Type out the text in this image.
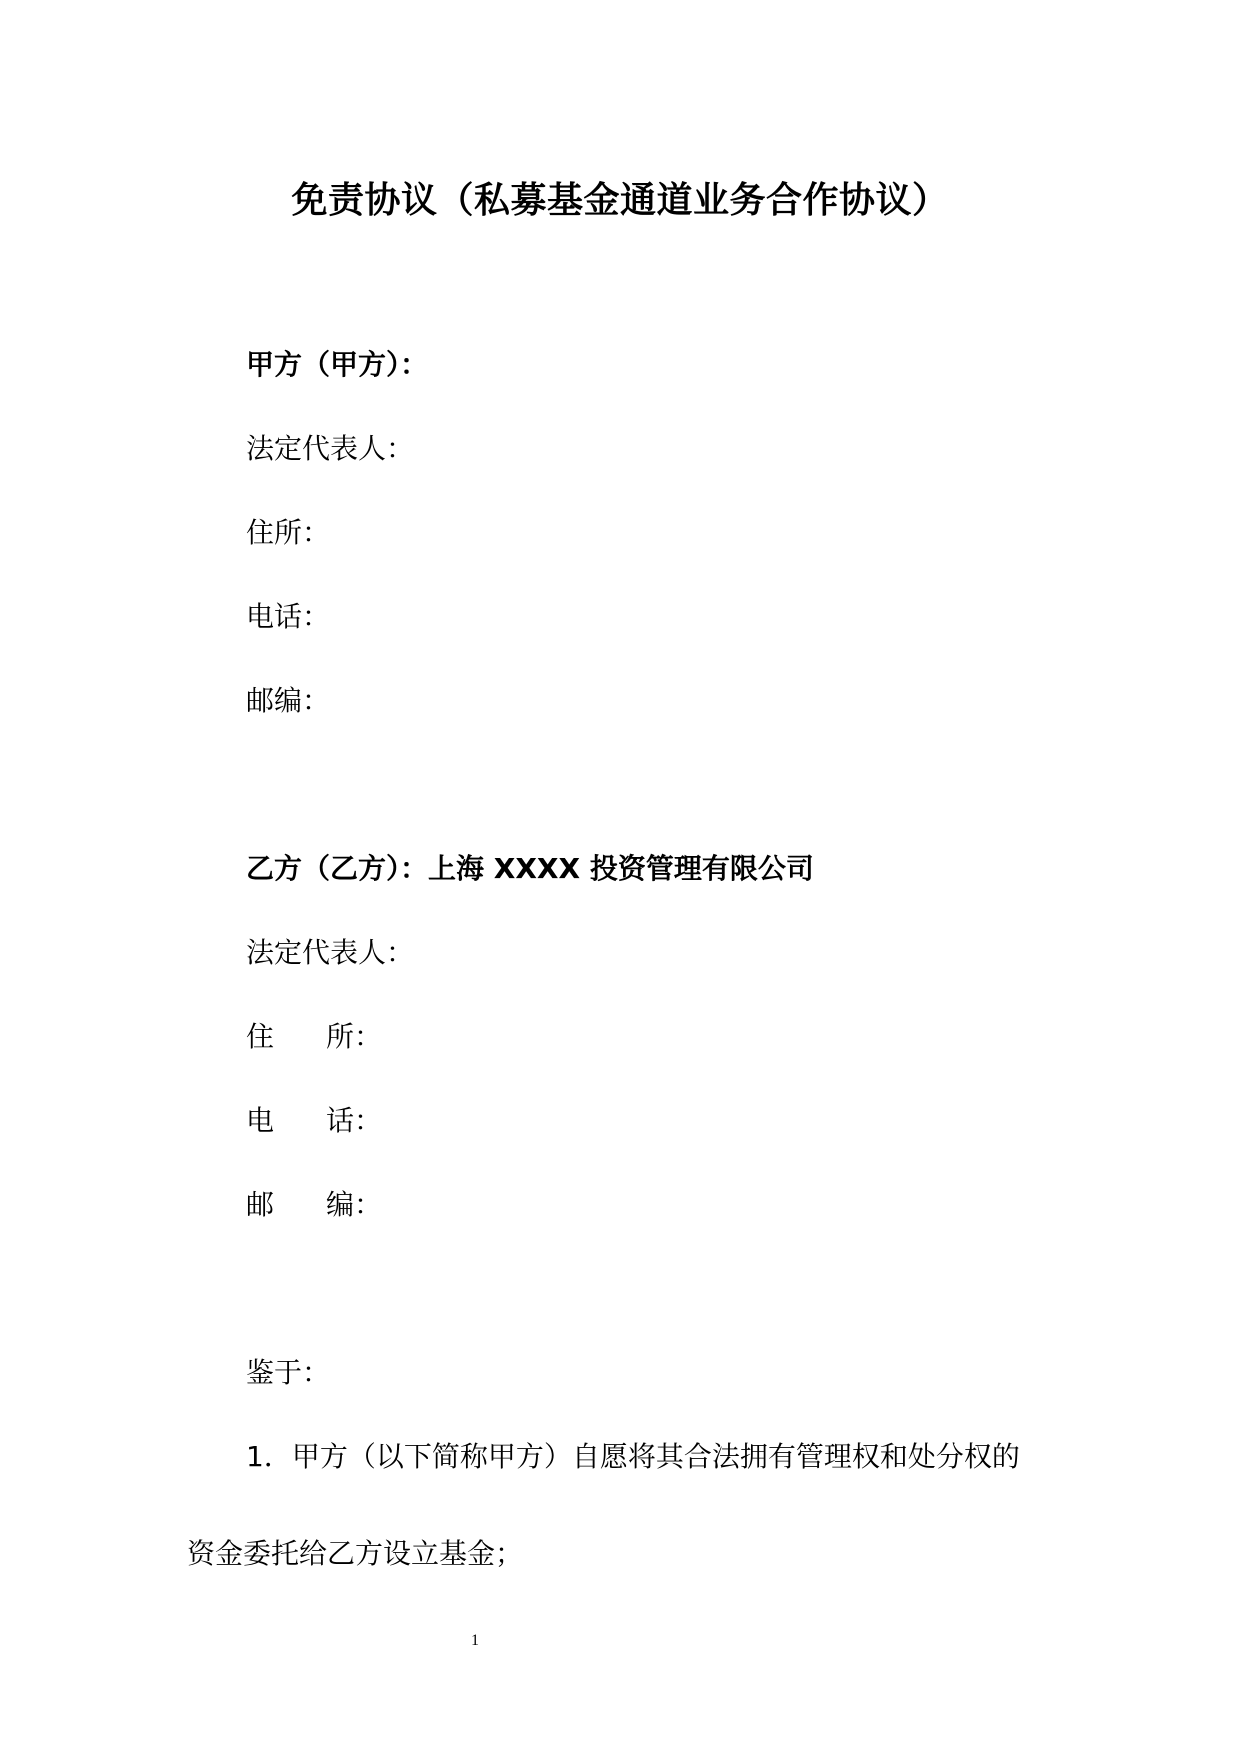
免责协议（私募基金通道业务合作协议）
甲方（甲方）：
法定代表人：
住所：
电话：
邮编：
乙方（乙方）：上海 XXXX 投资管理有限公司
法定代表人：
住 所：
电 话：
邮 编：
鉴于：
1．甲方（以下简称甲方）自愿将其合法拥有管理权和处分权的
资金委托给乙方设立基金；
1
